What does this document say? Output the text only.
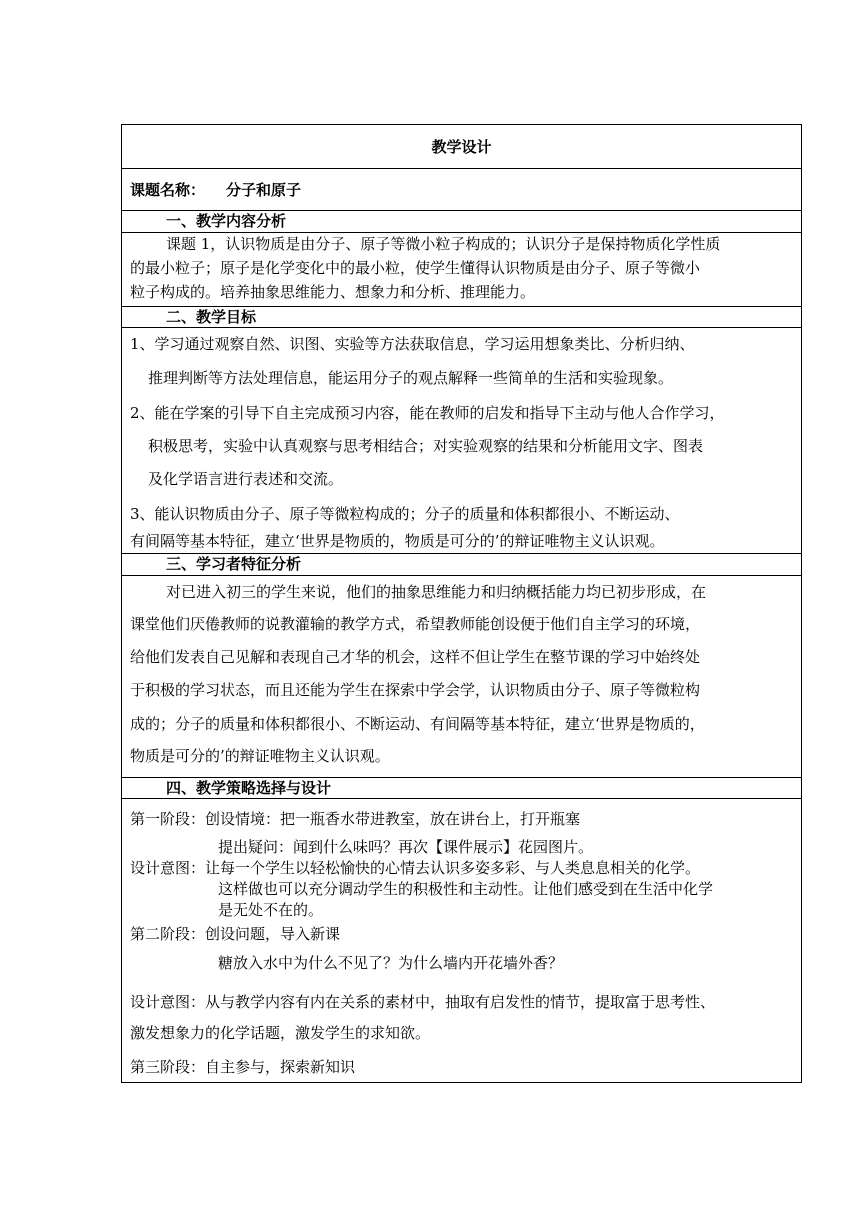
教学设计
课题名称： 分子和原子
一、教学内容分析
课题 1，认识物质是由分子、原子等微小粒子构成的；认识分子是保持物质化学性质
的最小粒子；原子是化学变化中的最小粒，使学生懂得认识物质是由分子、原子等微小
粒子构成的。培养抽象思维能力、想象力和分析、推理能力。
二、教学目标
1、学习通过观察自然、识图、实验等方法获取信息，学习运用想象类比、分析归纳、
推理判断等方法处理信息，能运用分子的观点解释一些简单的生活和实验现象。
2、能在学案的引导下自主完成预习内容，能在教师的启发和指导下主动与他人合作学习，
积极思考，实验中认真观察与思考相结合；对实验观察的结果和分析能用文字、图表
及化学语言进行表述和交流。
3、能认识物质由分子、原子等微粒构成的；分子的质量和体积都很小、不断运动、
有间隔等基本特征，建立‘世界是物质的，物质是可分的’的辩证唯物主义认识观。
三、学习者特征分析
对已进入初三的学生来说，他们的抽象思维能力和归纳概括能力均已初步形成，在
课堂他们厌倦教师的说教灌输的教学方式，希望教师能创设便于他们自主学习的环境，
给他们发表自己见解和表现自己才华的机会，这样不但让学生在整节课的学习中始终处
于积极的学习状态，而且还能为学生在探索中学会学，认识物质由分子、原子等微粒构
成的；分子的质量和体积都很小、不断运动、有间隔等基本特征，建立‘世界是物质的，
物质是可分的’的辩证唯物主义认识观。
四、教学策略选择与设计
第一阶段：创设情境：把一瓶香水带进教室，放在讲台上，打开瓶塞
提出疑问：闻到什么味吗？再次【课件展示】花园图片。
设计意图：让每一个学生以轻松愉快的心情去认识多姿多彩、与人类息息相关的化学。
这样做也可以充分调动学生的积极性和主动性。让他们感受到在生活中化学
是无处不在的。
第二阶段：创设问题，导入新课
糖放入水中为什么不见了？为什么墙内开花墙外香？
设计意图：从与教学内容有内在关系的素材中，抽取有启发性的情节，提取富于思考性、
激发想象力的化学话题，激发学生的求知欲。
第三阶段：自主参与，探索新知识
